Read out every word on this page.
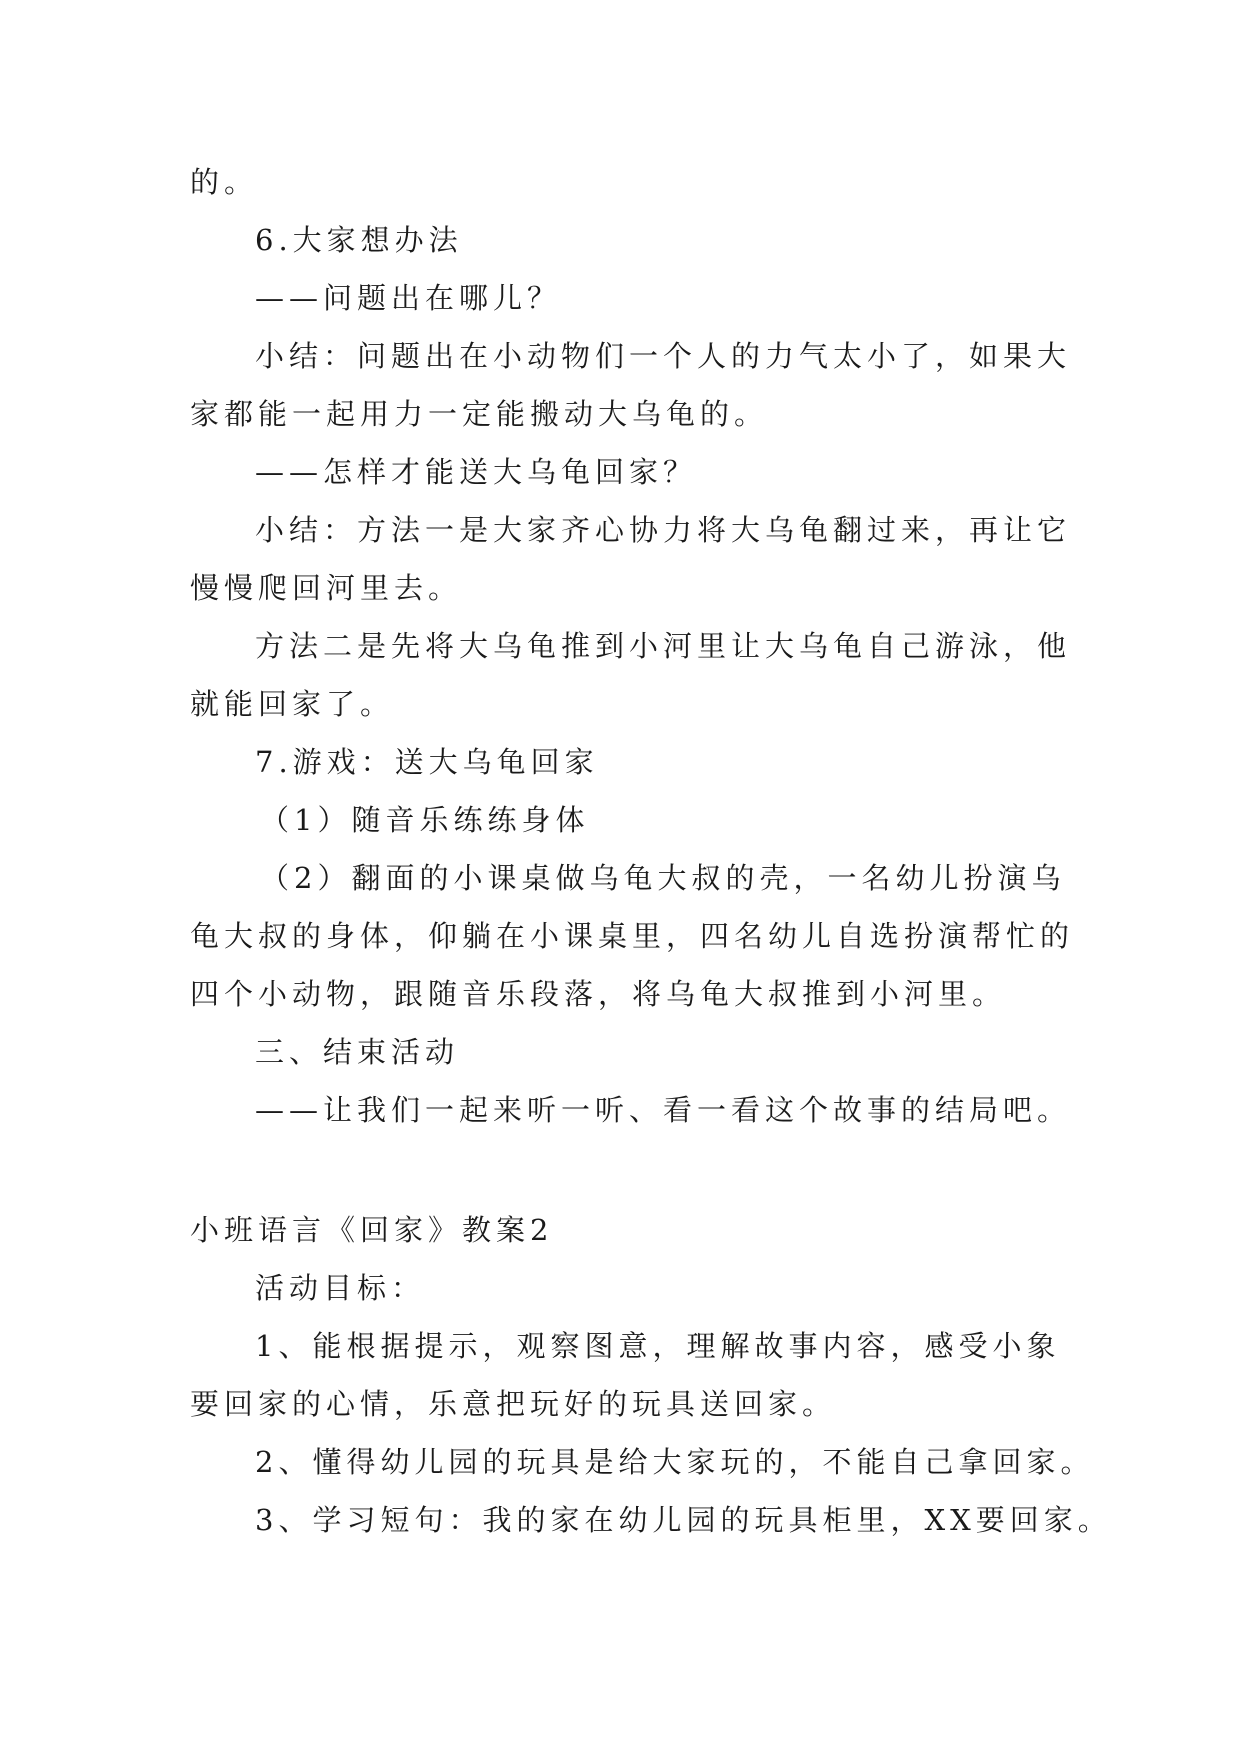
的。
6.大家想办法
——问题出在哪儿？
小结：问题出在小动物们一个人的力气太小了，如果大
家都能一起用力一定能搬动大乌龟的。
——怎样才能送大乌龟回家？
小结：方法一是大家齐心协力将大乌龟翻过来，再让它
慢慢爬回河里去。
方法二是先将大乌龟推到小河里让大乌龟自己游泳，他
就能回家了。
7.游戏：送大乌龟回家
（1）随音乐练练身体
（2）翻面的小课桌做乌龟大叔的壳，一名幼儿扮演乌
龟大叔的身体，仰躺在小课桌里，四名幼儿自选扮演帮忙的
四个小动物，跟随音乐段落，将乌龟大叔推到小河里。
三、结束活动
——让我们一起来听一听、看一看这个故事的结局吧。
小班语言《回家》教案2
活动目标：
1、能根据提示，观察图意，理解故事内容，感受小象
要回家的心情，乐意把玩好的玩具送回家。
2、懂得幼儿园的玩具是给大家玩的，不能自己拿回家。
3、学习短句：我的家在幼儿园的玩具柜里，XX要回家。
